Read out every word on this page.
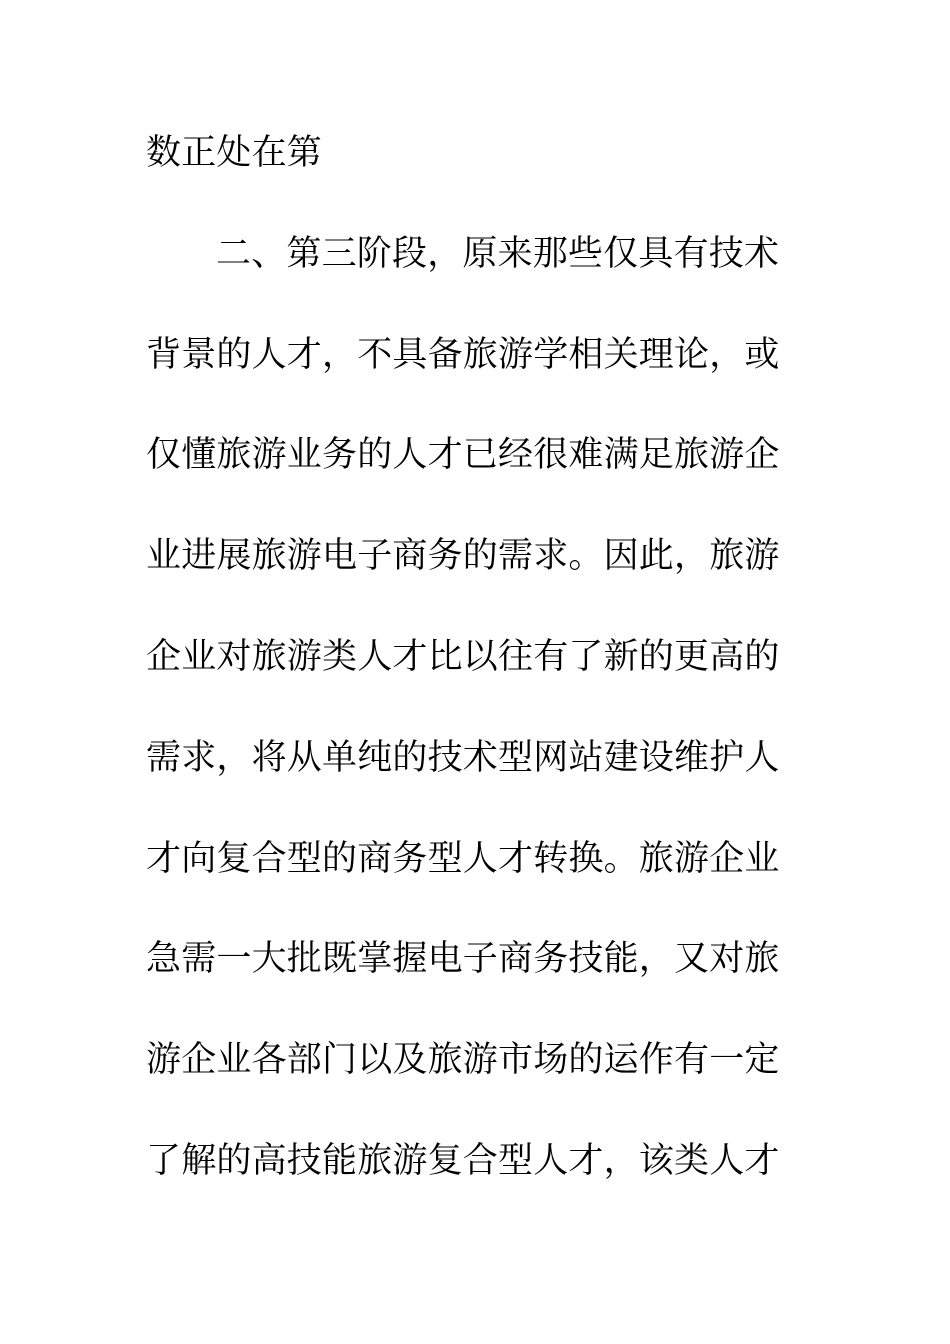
数正处在第
二、第三阶段，原来那些仅具有技术
背景的人才，不具备旅游学相关理论，或
仅懂旅游业务的人才已经很难满足旅游企
业进展旅游电子商务的需求。因此，旅游
企业对旅游类人才比以往有了新的更高的
需求，将从单纯的技术型网站建设维护人
才向复合型的商务型人才转换。旅游企业
急需一大批既掌握电子商务技能，又对旅
游企业各部门以及旅游市场的运作有一定
了解的高技能旅游复合型人才，该类人才
